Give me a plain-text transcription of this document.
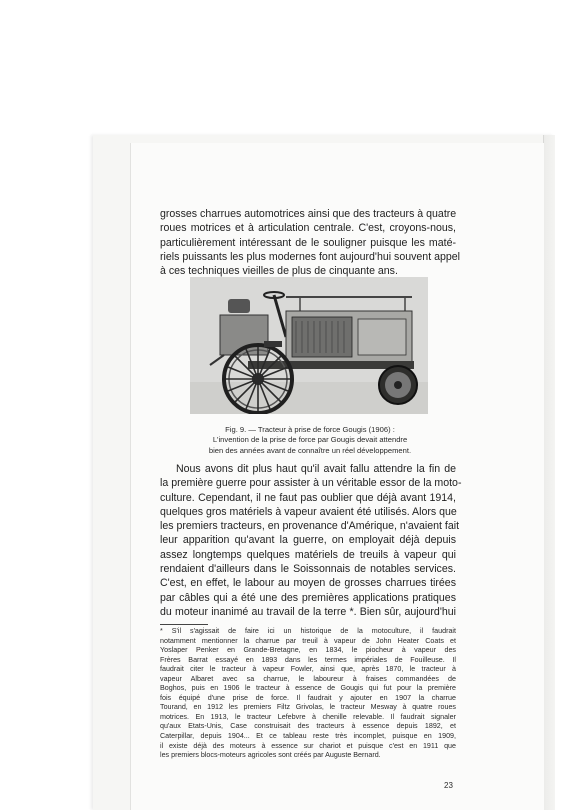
grosses charrues automotrices ainsi que des tracteurs à quatre
roues motrices et à articulation centrale. C'est, croyons-nous,
particulièrement intéressant de le souligner puisque les maté-
riels puissants les plus modernes font aujourd'hui souvent appel
à ces techniques vieilles de plus de cinquante ans.

Fig. 9. — Tracteur à prise de force Gougis (1906) :
L'invention de la prise de force par Gougis devait attendre
bien des années avant de connaître un réel développement.

Nous avons dit plus haut qu'il avait fallu attendre la fin de
la première guerre pour assister à un véritable essor de la moto-
culture. Cependant, il ne faut pas oublier que déjà avant 1914,
quelques gros matériels à vapeur avaient été utilisés. Alors que
les premiers tracteurs, en provenance d'Amérique, n'avaient fait
leur apparition qu'avant la guerre, on employait déjà depuis
assez longtemps quelques matériels de treuils à vapeur qui
rendaient d'ailleurs dans le Soissonnais de notables services.
C'est, en effet, le labour au moyen de grosses charrues tirées
par câbles qui a été une des premières applications pratiques
du moteur inanimé au travail de la terre *. Bien sûr, aujourd'hui

* S'il s'agissait de faire ici un historique de la motoculture, il faudrait
notamment mentionner la charrue par treuil à vapeur de John Heater Coats et
Yoslaper Penker en Grande-Bretagne, en 1834, le piocheur à vapeur des
Frères Barrat essayé en 1893 dans les termes impériales de Fouilleuse. Il
faudrait citer le tracteur à vapeur Fowler, ainsi que, après 1870, le tracteur à
vapeur Albaret avec sa charrue, le laboureur à fraises commandées de
Boghos, puis en 1906 le tracteur à essence de Gougis qui fut pour la première
fois équipé d'une prise de force. Il faudrait y ajouter en 1907 la charrue
Tourand, en 1912 les premiers Filtz Grivolas, le tracteur Mesway à quatre roues
motrices. En 1913, le tracteur Lefebvre à chenille relevable. Il faudrait signaler
qu'aux Etats-Unis, Case construisait des tracteurs à essence depuis 1892, et
Caterpillar, depuis 1904... Et ce tableau reste très incomplet, puisque en 1909,
il existe déjà des moteurs à essence sur chariot et puisque c'est en 1911 que
les premiers blocs-moteurs agricoles sont créés par Auguste Bernard.
23
